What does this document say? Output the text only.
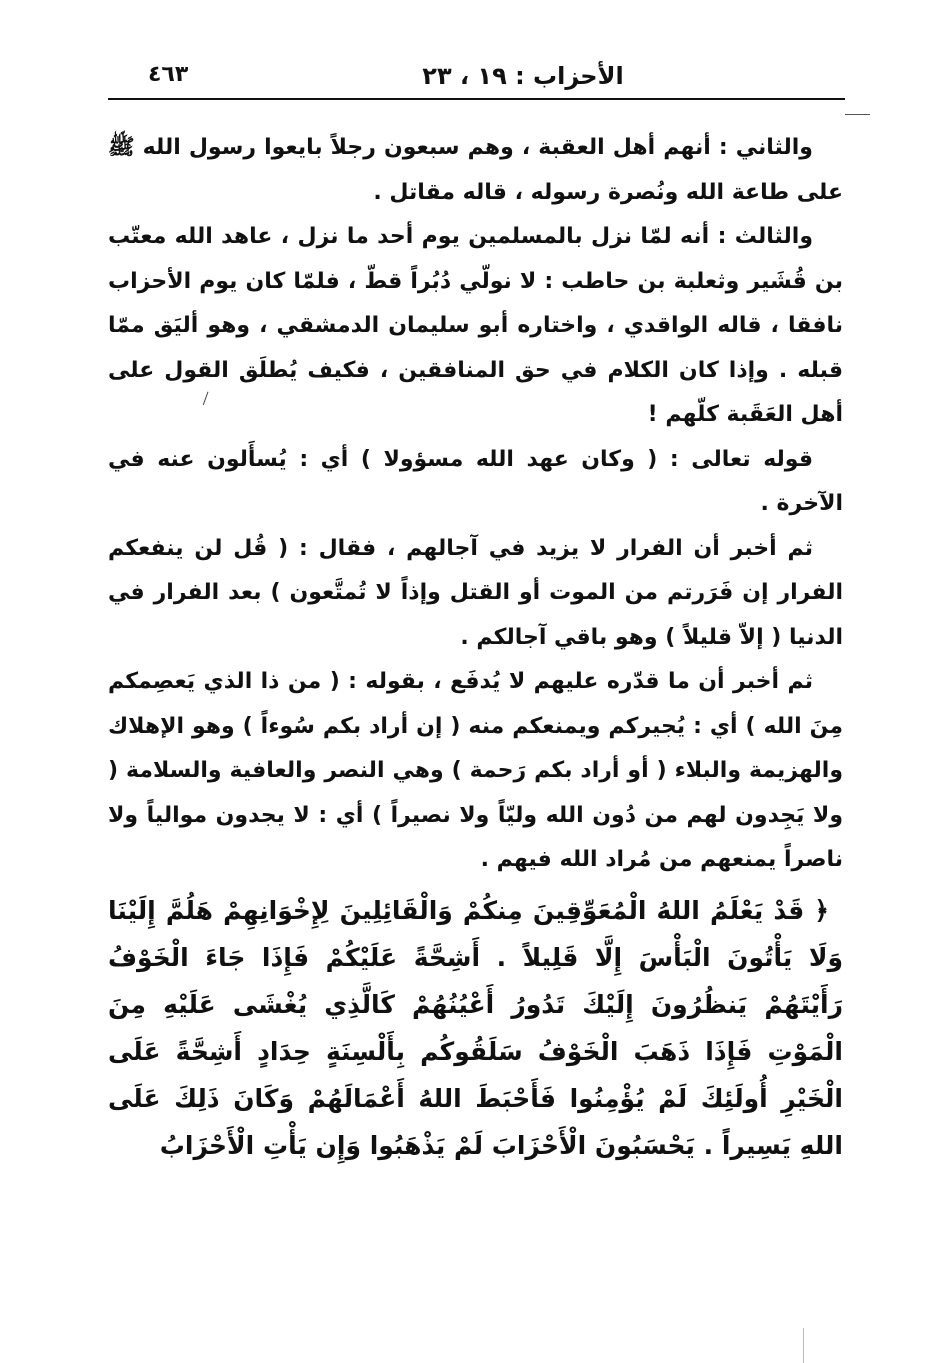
٤٦٣	الأحزاب : ١٩ ، ٢٣

والثاني : أنهم أهل العقبة ، وهم سبعون رجلاً بايعوا رسول الله ﷺ على طاعة الله ونُصرة رسوله ، قاله مقاتل .

والثالث : أنه لمّا نزل بالمسلمين يوم أحد ما نزل ، عاهد الله معتّب بن قُشَير وثعلبة بن حاطب : لا نولّي دُبُراً قطّ ، فلمّا كان يوم الأحزاب نافقا ، قاله الواقدي ، واختاره أبو سليمان الدمشقي ، وهو أليَق ممّا قبله . وإذا كان الكلام في حق المنافقين ، فكيف يُطلَق القول على أهل العَقَبة كلّهم !

قوله تعالى : ( وكان عهد الله مسؤولا ) أي : يُسأَلون عنه في الآخرة .

ثم أخبر أن الفرار لا يزيد في آجالهم ، فقال : ( قُل لن ينفعكم الفرار إن فَرَرتم من الموت أو القتل وإذاً لا تُمتَّعون ) بعد الفرار في الدنيا ( إلاّ قليلاً ) وهو باقي آجالكم .

ثم أخبر أن ما قدّره عليهم لا يُدفَع ، بقوله : ( من ذا الذي يَعصِمكم مِنَ الله ) أي : يُجيركم ويمنعكم منه ( إن أراد بكم سُوءاً ) وهو الإهلاك والهزيمة والبلاء ( أو أراد بكم رَحمة ) وهي النصر والعافية والسلامة ( ولا يَجِدون لهم من دُون الله وليّاً ولا نصيراً ) أي : لا يجدون موالياً ولا ناصراً يمنعهم من مُراد الله فيهم .

﴿ قَدْ يَعْلَمُ اللهُ الْمُعَوِّقِينَ مِنكُمْ وَالْقَائِلِينَ لِإِخْوَانِهِمْ هَلُمَّ إِلَيْنَا وَلَا يَأْتُونَ الْبَأْسَ إِلَّا قَلِيلاً . أَشِحَّةً عَلَيْكُمْ فَإِذَا جَاءَ الْخَوْفُ رَأَيْتَهُمْ يَنظُرُونَ إِلَيْكَ تَدُورُ أَعْيُنُهُمْ كَالَّذِي يُغْشَى عَلَيْهِ مِنَ الْمَوْتِ فَإِذَا ذَهَبَ الْخَوْفُ سَلَقُوكُم بِأَلْسِنَةٍ حِدَادٍ أَشِحَّةً عَلَى الْخَيْرِ أُولَئِكَ لَمْ يُؤْمِنُوا فَأَحْبَطَ اللهُ أَعْمَالَهُمْ وَكَانَ ذَلِكَ عَلَى اللهِ يَسِيراً . يَحْسَبُونَ الْأَحْزَابَ لَمْ يَذْهَبُوا وَإِن يَأْتِ الْأَحْزَابُ
